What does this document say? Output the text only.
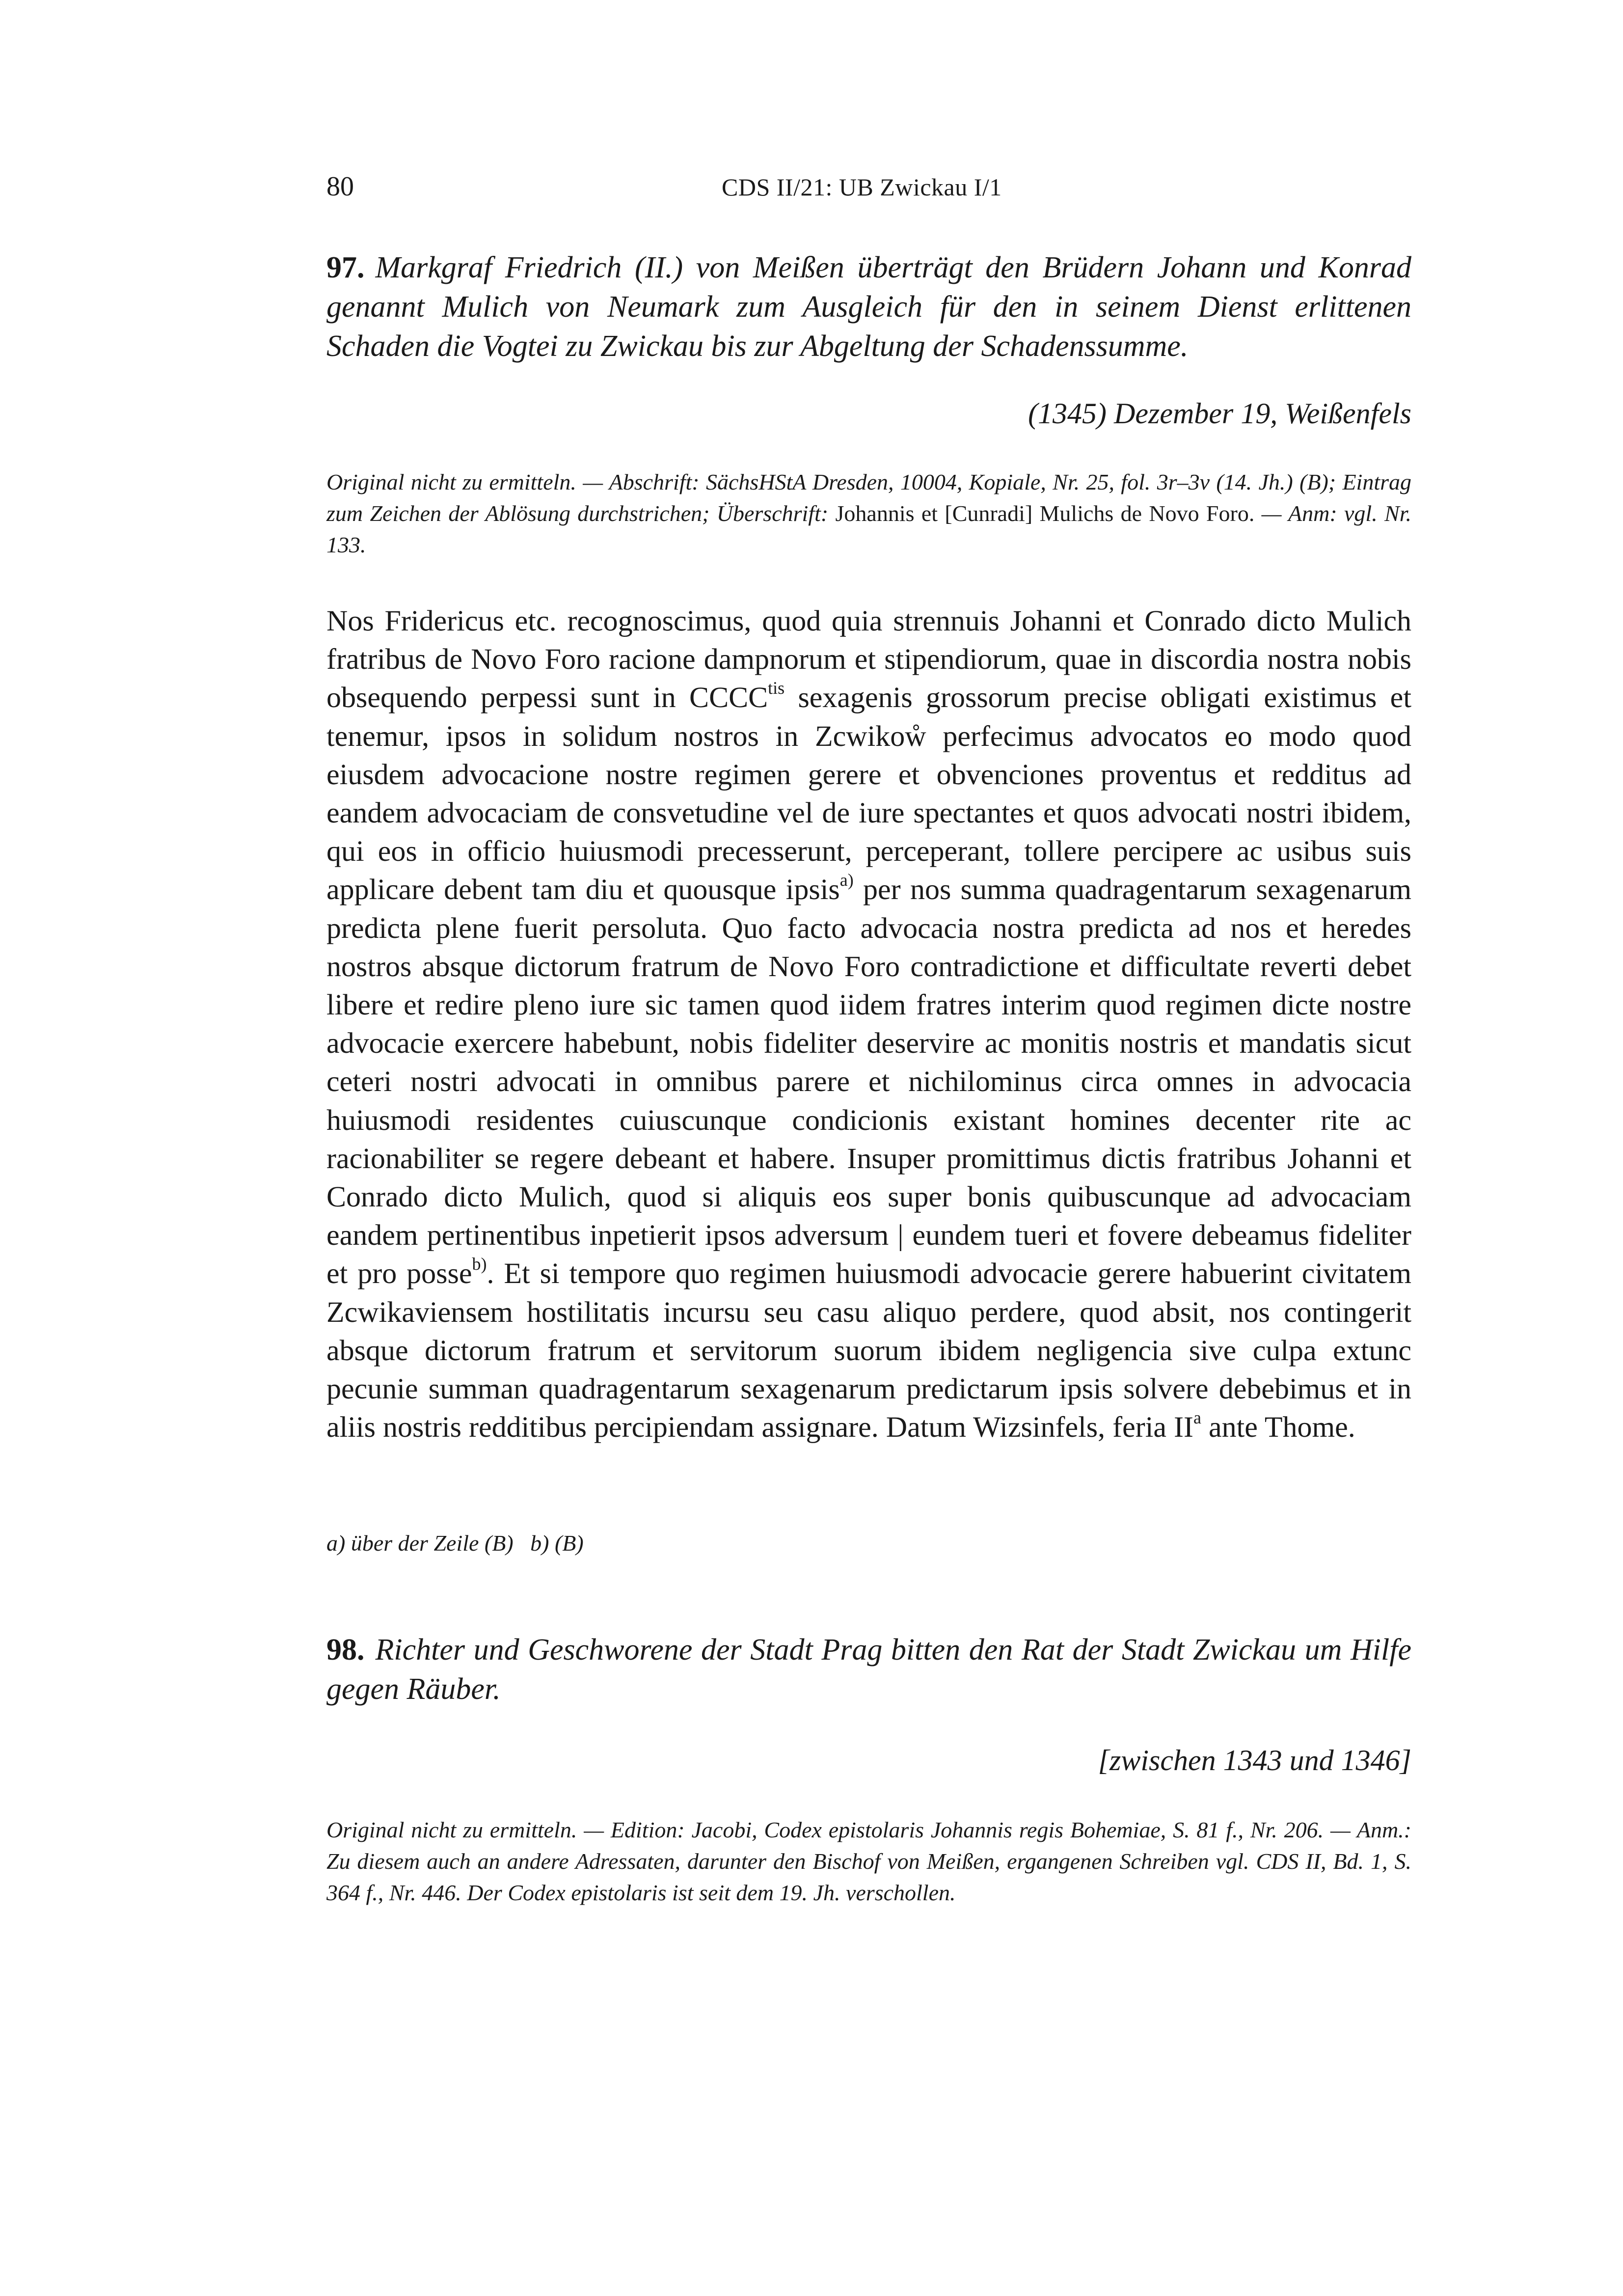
80	CDS II/21: UB Zwickau I/1

97. Markgraf Friedrich (II.) von Meißen überträgt den Brüdern Johann und Konrad genannt Mulich von Neumark zum Ausgleich für den in seinem Dienst erlittenen Schaden die Vogtei zu Zwickau bis zur Abgeltung der Schadenssumme.

(1345) Dezember 19, Weißenfels

Original nicht zu ermitteln. — Abschrift: SächsHStA Dresden, 10004, Kopiale, Nr. 25, fol. 3r–3v (14. Jh.) (B); Eintrag zum Zeichen der Ablösung durchstrichen; Überschrift: Johannis et [Cunradi] Mulichs de Novo Foro. — Anm: vgl. Nr. 133.

Nos Fridericus etc. recognoscimus, quod quia strennuis Johanni et Conrado dicto Mulich fratribus de Novo Foro racione dampnorum et stipendiorum, quae in discordia nostra nobis obsequendo perpessi sunt in $CCCC^{tis}$ sexagenis grossorum precise obligati existimus et tenemur, ipsos in solidum nostros in Zcwikoẘ perfecimus advocatos eo modo quod eiusdem advocacione nostre regimen gerere et obvenciones proventus et redditus ad eandem advocaciam de consvetudine vel de iure spectantes et quos advocati nostri ibidem, qui eos in officio huiusmodi precesserunt, perceperant, tollere percipere ac usibus suis applicare debent tam diu et quousque ipsis$^{a)}$ per nos summa quadragentarum sexagenarum predicta plene fuerit persoluta. Quo facto advocacia nostra predicta ad nos et heredes nostros absque dictorum fratrum de Novo Foro contradictione et difficultate reverti debet libere et redire pleno iure sic tamen quod iidem fratres interim quod regimen dicte nostre advocacie exercere habebunt, nobis fideliter deservire ac monitis nostris et mandatis sicut ceteri nostri advocati in omnibus parere et nichilominus circa omnes in advocacia huiusmodi residentes cuiuscunque condicionis existant homines decenter rite ac racionabiliter se regere debeant et habere. Insuper promittimus dictis fratribus Johanni et Conrado dicto Mulich, quod si aliquis eos super bonis quibuscunque ad advocaciam eandem pertinentibus inpetierit ipsos adversum | eundem tueri et fovere debeamus fideliter et pro posse$^{b)}$. Et si tempore quo regimen huiusmodi advocacie gerere habuerint civitatem Zcwikaviensem hostilitatis incursu seu casu aliquo perdere, quod absit, nos contingerit absque dictorum fratrum et servitorum suorum ibidem negligencia sive culpa extunc pecunie summan quadragentarum sexagenarum predictarum ipsis solvere debebimus et in aliis nostris redditibus percipiendam assignare. Datum Wizsinfels, feria $II^a$ ante Thome.

a) über der Zeile (B)   b) (B)

98. Richter und Geschworene der Stadt Prag bitten den Rat der Stadt Zwickau um Hilfe gegen Räuber.

[zwischen 1343 und 1346]

Original nicht zu ermitteln. — Edition: Jacobi, Codex epistolaris Johannis regis Bohemiae, S. 81 f., Nr. 206. — Anm.: Zu diesem auch an andere Adressaten, darunter den Bischof von Meißen, ergangenen Schreiben vgl. CDS II, Bd. 1, S. 364 f., Nr. 446. Der Codex epistolaris ist seit dem 19. Jh. verschollen.
